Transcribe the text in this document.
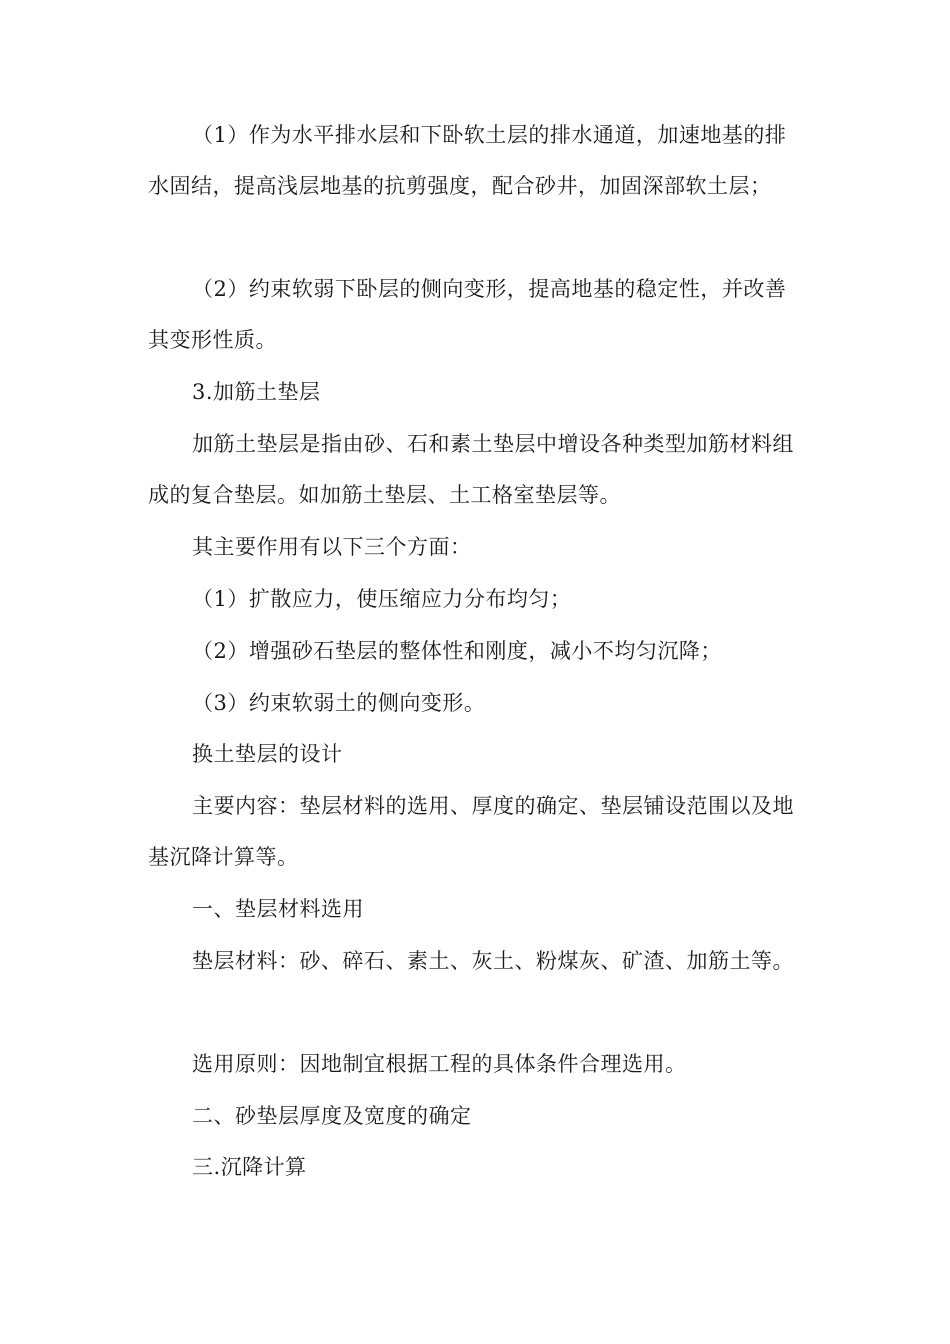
（1）作为水平排水层和下卧软土层的排水通道，加速地基的排水固结，提高浅层地基的抗剪强度，配合砂井，加固深部软土层；

（2）约束软弱下卧层的侧向变形，提高地基的稳定性，并改善其变形性质。

3.加筋土垫层

加筋土垫层是指由砂、石和素土垫层中增设各种类型加筋材料组成的复合垫层。如加筋土垫层、土工格室垫层等。

其主要作用有以下三个方面：

（1）扩散应力，使压缩应力分布均匀；

（2）增强砂石垫层的整体性和刚度，减小不均匀沉降；

（3）约束软弱土的侧向变形。

换土垫层的设计

主要内容：垫层材料的选用、厚度的确定、垫层铺设范围以及地基沉降计算等。

一、垫层材料选用

垫层材料：砂、碎石、素土、灰土、粉煤灰、矿渣、加筋土等。

选用原则：因地制宜根据工程的具体条件合理选用。

二、砂垫层厚度及宽度的确定

三.沉降计算
